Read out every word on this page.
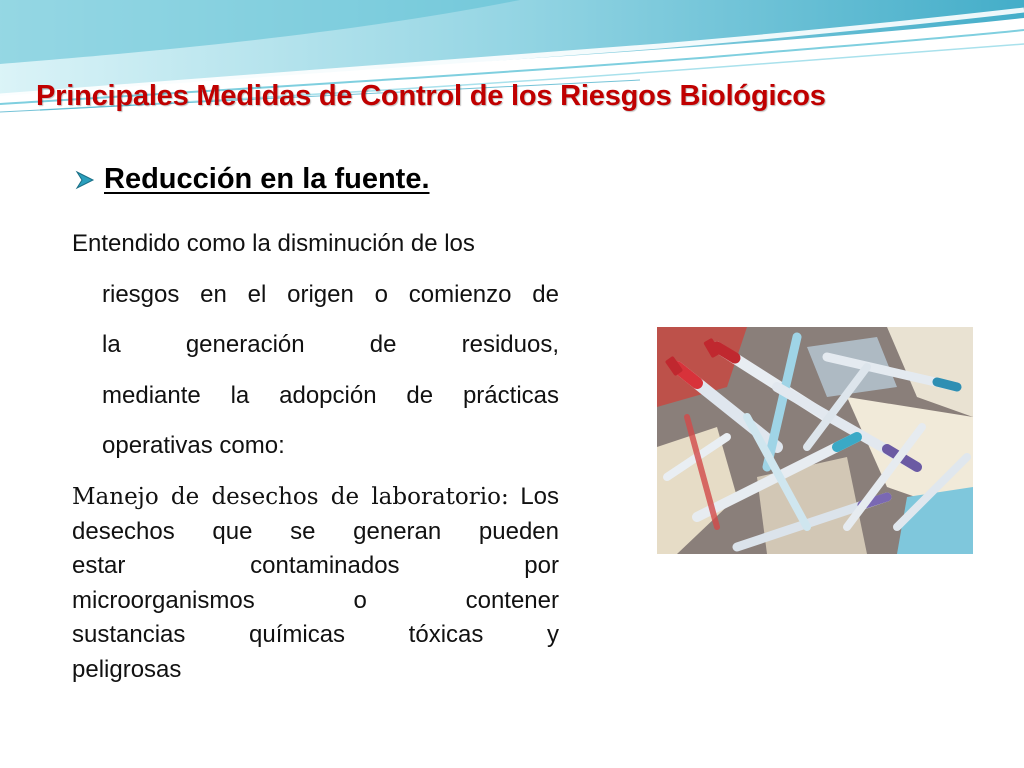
Principales Medidas de Control de los Riesgos Biológicos
Reducción en la fuente.
Entendido como la disminución de los
riesgos en el origen o comienzo de
la generación de residuos,
mediante la adopción de prácticas
operativas como:
Manejo de desechos de laboratorio: Los
desechos que se generan pueden
estar contaminados por
microorganismos o contener
sustancias químicas tóxicas y
peligrosas
